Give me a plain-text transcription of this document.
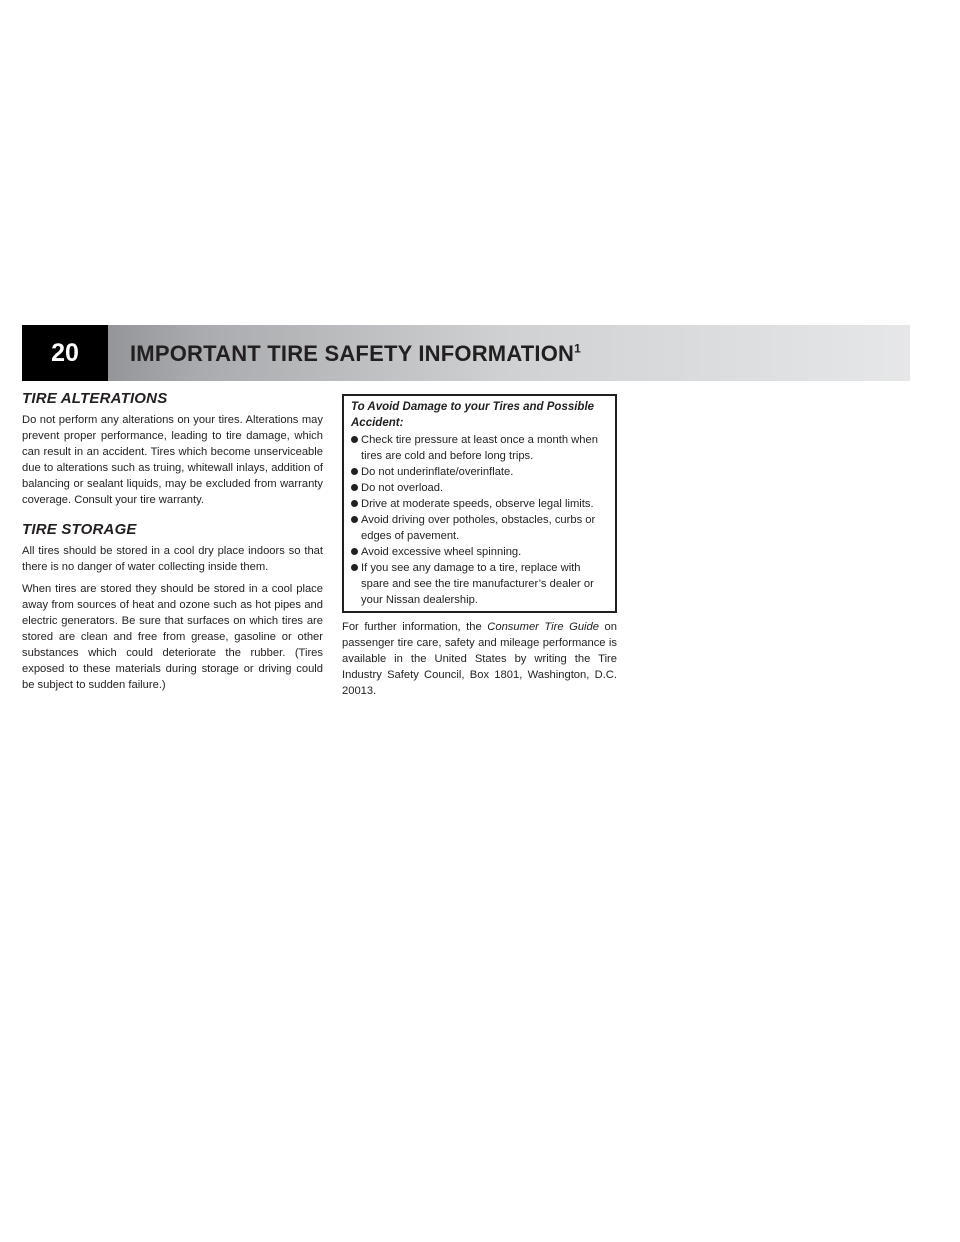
20	IMPORTANT TIRE SAFETY INFORMATION$^1$
TIRE ALTERATIONS

Do not perform any alterations on your tires. Alterations may prevent proper performance, leading to tire damage, which can result in an accident. Tires which become unserviceable due to alterations such as truing, whitewall inlays, addition of balancing or sealant liquids, may be excluded from warranty coverage. Consult your tire warranty.

TIRE STORAGE

All tires should be stored in a cool dry place indoors so that there is no danger of water collecting inside them.

When tires are stored they should be stored in a cool place away from sources of heat and ozone such as hot pipes and electric generators. Be sure that surfaces on which tires are stored are clean and free from grease, gasoline or other substances which could deteriorate the rubber. (Tires exposed to these materials during storage or driving could be subject to sudden failure.)

To Avoid Damage to your Tires and Possible Accident:
Check tire pressure at least once a month when tires are cold and before long trips.
Do not underinflate/overinflate.
Do not overload.
Drive at moderate speeds, observe legal limits.
Avoid driving over potholes, obstacles, curbs or edges of pavement.
Avoid excessive wheel spinning.
If you see any damage to a tire, replace with spare and see the tire manufacturer’s dealer or your Nissan dealership.

For further information, the Consumer Tire Guide on passenger tire care, safety and mileage performance is available in the United States by writing the Tire Industry Safety Council, Box 1801, Washington, D.C. 20013.
